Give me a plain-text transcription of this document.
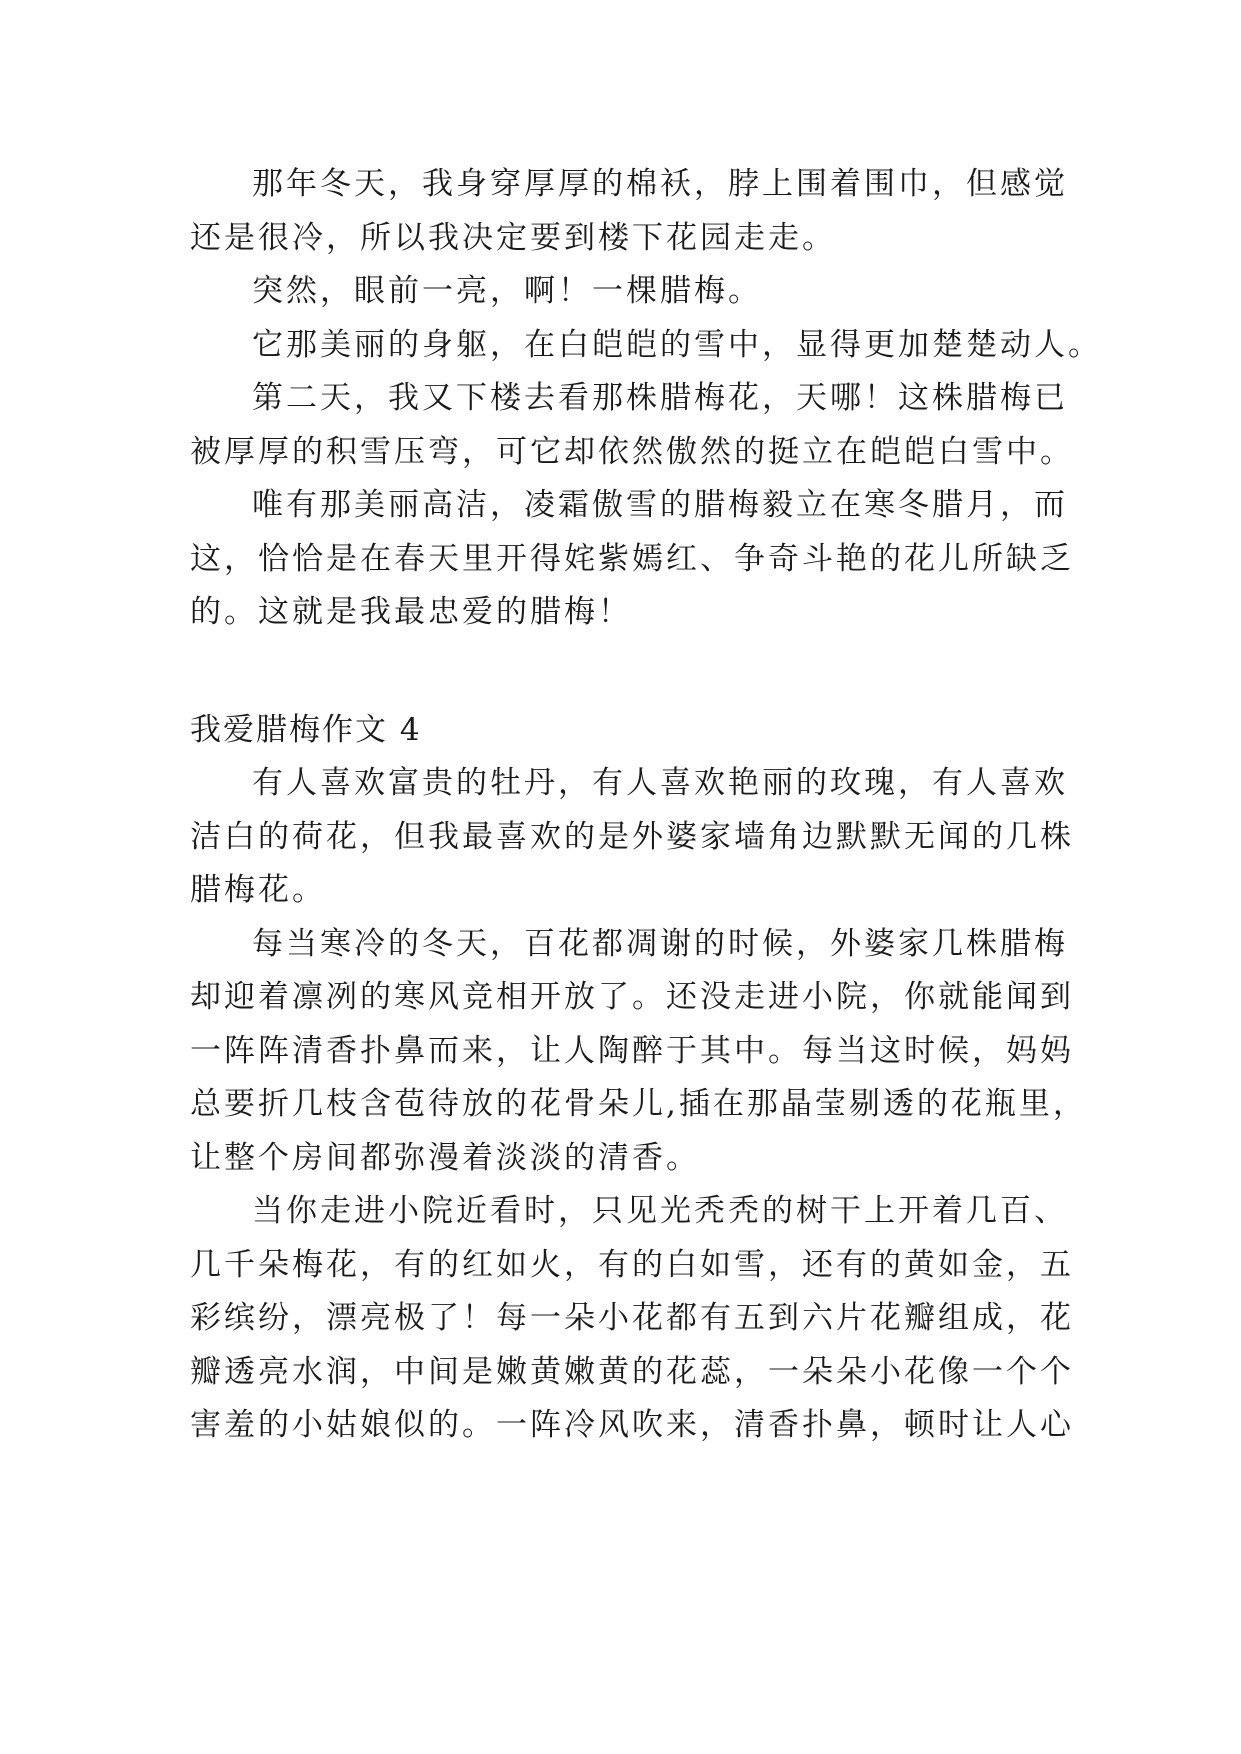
那年冬天，我身穿厚厚的棉袄，脖上围着围巾，但感觉
还是很冷，所以我决定要到楼下花园走走。
突然，眼前一亮，啊！一棵腊梅。
它那美丽的身躯，在白皑皑的雪中，显得更加楚楚动人。
第二天，我又下楼去看那株腊梅花，天哪！这株腊梅已
被厚厚的积雪压弯，可它却依然傲然的挺立在皑皑白雪中。
唯有那美丽高洁，凌霜傲雪的腊梅毅立在寒冬腊月，而
这，恰恰是在春天里开得姹紫嫣红、争奇斗艳的花儿所缺乏
的。这就是我最忠爱的腊梅！
我爱腊梅作文 4
有人喜欢富贵的牡丹，有人喜欢艳丽的玫瑰，有人喜欢
洁白的荷花，但我最喜欢的是外婆家墙角边默默无闻的几株
腊梅花。
每当寒冷的冬天，百花都凋谢的时候，外婆家几株腊梅
却迎着凛冽的寒风竞相开放了。还没走进小院，你就能闻到
一阵阵清香扑鼻而来，让人陶醉于其中。每当这时候，妈妈
总要折几枝含苞待放的花骨朵儿,插在那晶莹剔透的花瓶里，
让整个房间都弥漫着淡淡的清香。
当你走进小院近看时，只见光秃秃的树干上开着几百、
几千朵梅花，有的红如火，有的白如雪，还有的黄如金，五
彩缤纷，漂亮极了！每一朵小花都有五到六片花瓣组成，花
瓣透亮水润，中间是嫩黄嫩黄的花蕊，一朵朵小花像一个个
害羞的小姑娘似的。一阵冷风吹来，清香扑鼻，顿时让人心
